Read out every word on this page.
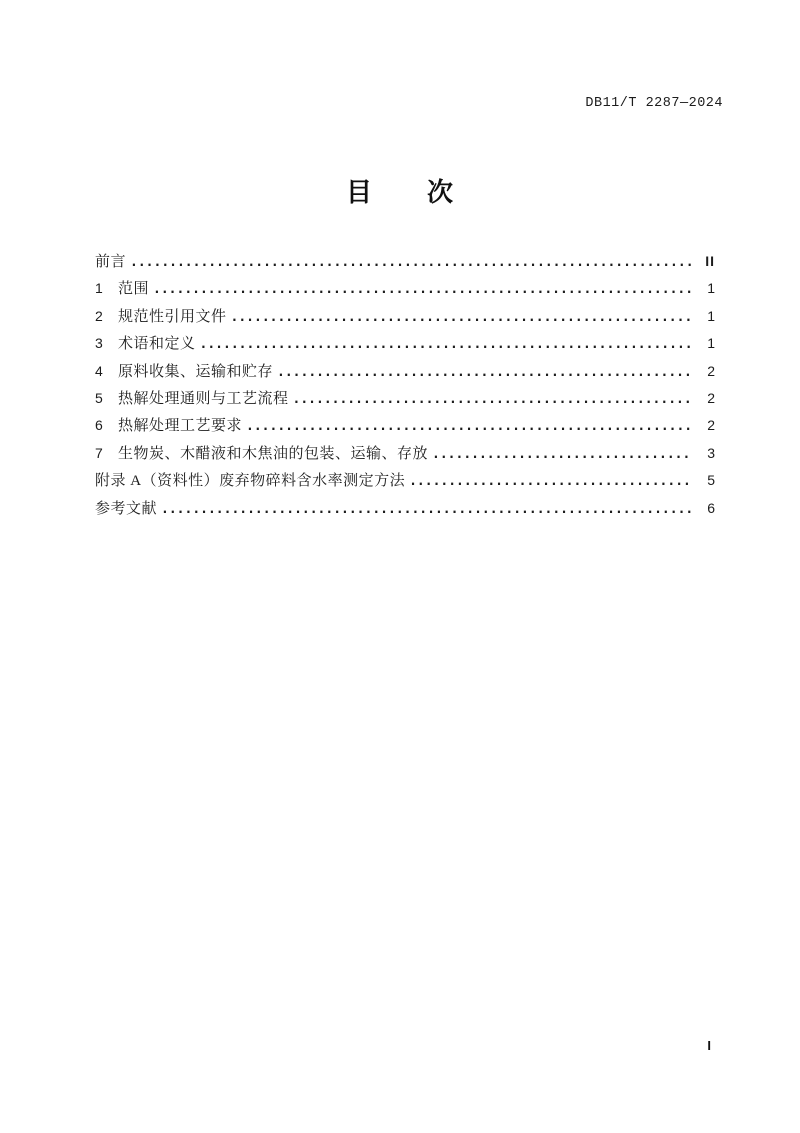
DB11/T 2287—2024
目　　次
前言 .....	II
1	范围 .....	1
2	规范性引用文件 .....	1
3	术语和定义 .....	1
4	原料收集、运输和贮存 .....	2
5	热解处理通则与工艺流程 .....	2
6	热解处理工艺要求 .....	2
7	生物炭、木醋液和木焦油的包装、运输、存放 .....	3
附录 A（资料性）废弃物碎料含水率测定方法 .....	5
参考文献 .....	6
I
